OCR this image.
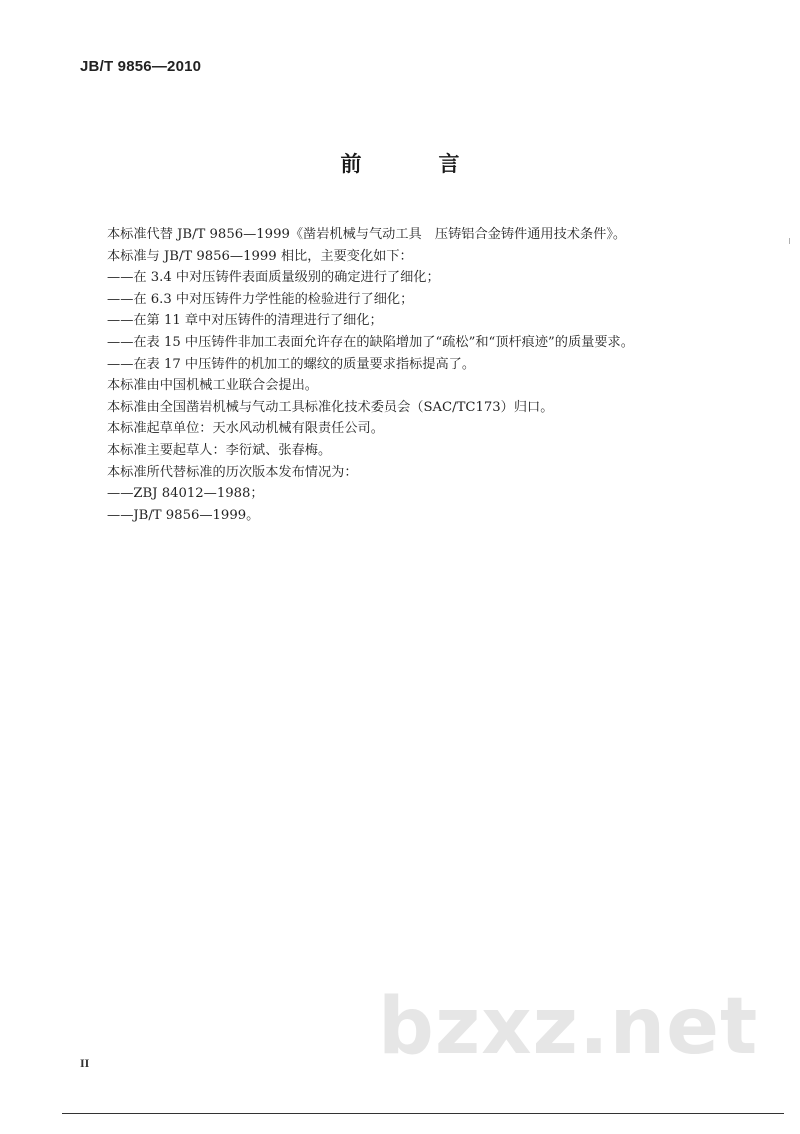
JB/T 9856—2010
前　言
本标准代替 JB/T 9856—1999《凿岩机械与气动工具　压铸铝合金铸件通用技术条件》。
本标准与 JB/T 9856—1999 相比，主要变化如下：
——在 3.4 中对压铸件表面质量级别的确定进行了细化；
——在 6.3 中对压铸件力学性能的检验进行了细化；
——在第 11 章中对压铸件的清理进行了细化；
——在表 15 中压铸件非加工表面允许存在的缺陷增加了“疏松”和“顶杆痕迹”的质量要求。
——在表 17 中压铸件的机加工的螺纹的质量要求指标提高了。
本标准由中国机械工业联合会提出。
本标准由全国凿岩机械与气动工具标准化技术委员会（SAC/TC173）归口。
本标准起草单位：天水风动机械有限责任公司。
本标准主要起草人：李衍斌、张春梅。
本标准所代替标准的历次版本发布情况为：
——ZBJ 84012—1988；
——JB/T 9856—1999。
bzxz.net
II
